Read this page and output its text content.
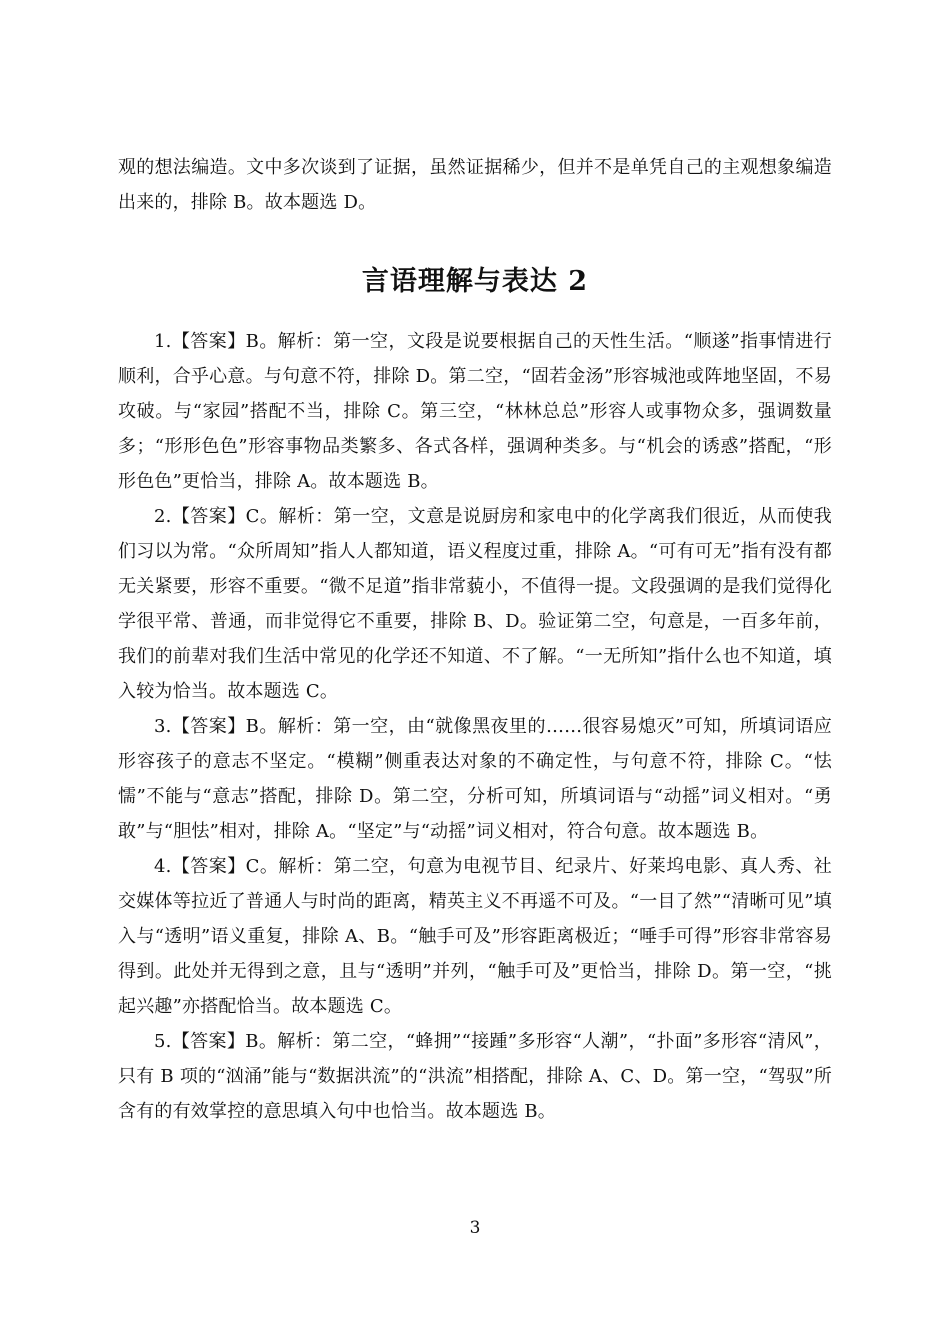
观的想法编造。文中多次谈到了证据，虽然证据稀少，但并不是单凭自己的主观想象编造出来的，排除 B。故本题选 D。

言语理解与表达 2

1.【答案】B。解析：第一空，文段是说要根据自己的天性生活。“顺遂”指事情进行顺利，合乎心意。与句意不符，排除 D。第二空，“固若金汤”形容城池或阵地坚固，不易攻破。与“家园”搭配不当，排除 C。第三空，“林林总总”形容人或事物众多，强调数量多；“形形色色”形容事物品类繁多、各式各样，强调种类多。与“机会的诱惑”搭配，“形形色色”更恰当，排除 A。故本题选 B。

2.【答案】C。解析：第一空，文意是说厨房和家电中的化学离我们很近，从而使我们习以为常。“众所周知”指人人都知道，语义程度过重，排除 A。“可有可无”指有没有都无关紧要，形容不重要。“微不足道”指非常藐小，不值得一提。文段强调的是我们觉得化学很平常、普通，而非觉得它不重要，排除 B、D。验证第二空，句意是，一百多年前，我们的前辈对我们生活中常见的化学还不知道、不了解。“一无所知”指什么也不知道，填入较为恰当。故本题选 C。

3.【答案】B。解析：第一空，由“就像黑夜里的……很容易熄灭”可知，所填词语应形容孩子的意志不坚定。“模糊”侧重表达对象的不确定性，与句意不符，排除 C。“怯懦”不能与“意志”搭配，排除 D。第二空，分析可知，所填词语与“动摇”词义相对。“勇敢”与“胆怯”相对，排除 A。“坚定”与“动摇”词义相对，符合句意。故本题选 B。

4.【答案】C。解析：第二空，句意为电视节目、纪录片、好莱坞电影、真人秀、社交媒体等拉近了普通人与时尚的距离，精英主义不再遥不可及。“一目了然”“清晰可见”填入与“透明”语义重复，排除 A、B。“触手可及”形容距离极近；“唾手可得”形容非常容易得到。此处并无得到之意，且与“透明”并列，“触手可及”更恰当，排除 D。第一空，“挑起兴趣”亦搭配恰当。故本题选 C。

5.【答案】B。解析：第二空，“蜂拥”“接踵”多形容“人潮”，“扑面”多形容“清风”，只有 B 项的“汹涌”能与“数据洪流”的“洪流”相搭配，排除 A、C、D。第一空，“驾驭”所含有的有效掌控的意思填入句中也恰当。故本题选 B。

3
